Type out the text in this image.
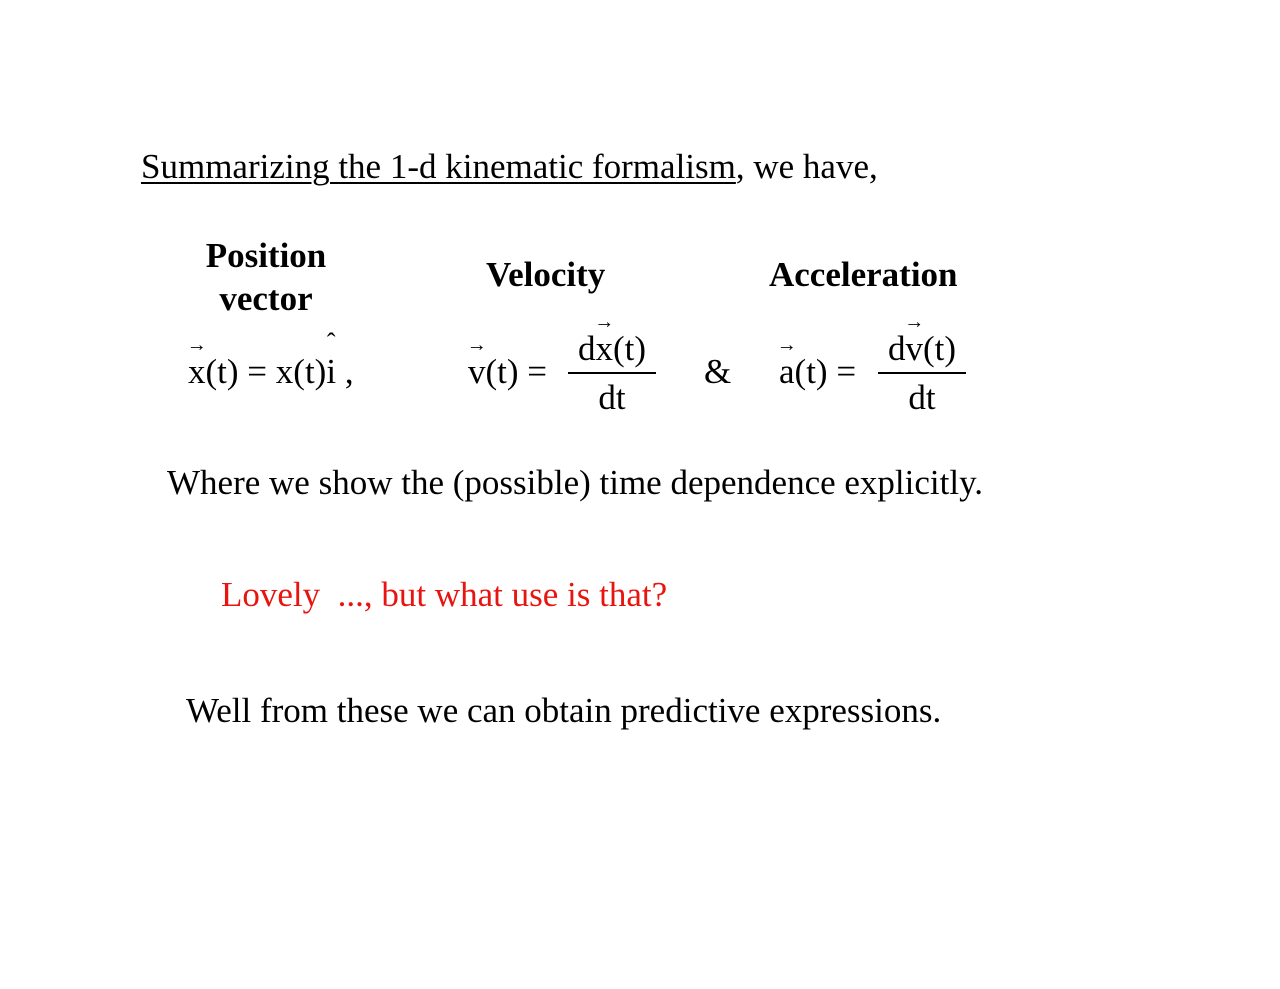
Summarizing the 1-d kinematic formalism, we have,
Position
vector
Velocity	Acceleration
→
x(t) = x(t)
ˆ
i ,
→
v(t) =
d
→
x(t)
dt
&
→
a(t) =
d
→
v(t)
dt
Where we show the (possible) time dependence explicitly.
Lovely  ..., but what use is that?
Well from these we can obtain predictive expressions.
